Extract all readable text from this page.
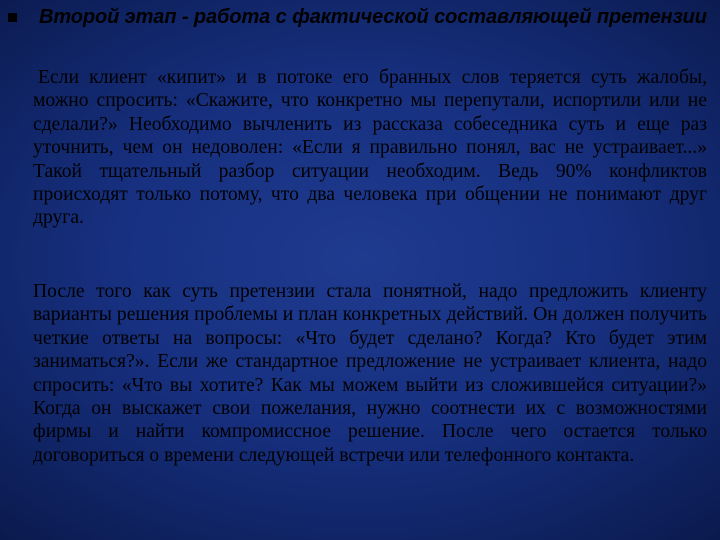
Второй этап - работа с фактической составляющей претензии

Если клиент «кипит» и в потоке его бранных слов теряется суть жалобы, можно спросить: «Скажите, что конкретно мы перепутали, испортили или не сделали?» Необходимо вычленить из рассказа собеседника суть и еще раз уточнить, чем он недоволен: «Если я правильно понял, вас не устраивает...» Такой тщательный разбор ситуации необходим. Ведь 90% конфликтов происходят только потому, что два человека при общении не понимают друг друга.

После того как суть претензии стала понятной, надо предложить клиенту варианты решения проблемы и план конкретных действий. Он должен получить четкие ответы на вопросы: «Что будет сделано? Когда? Кто будет этим заниматься?». Если же стандартное предложение не устраивает клиента, надо спросить: «Что вы хотите? Как мы можем выйти из сложившейся ситуации?» Когда он выскажет свои пожелания, нужно соотнести их с возможностями фирмы и найти компромиссное решение. После чего остается только договориться о времени следующей встречи или телефонного контакта.
